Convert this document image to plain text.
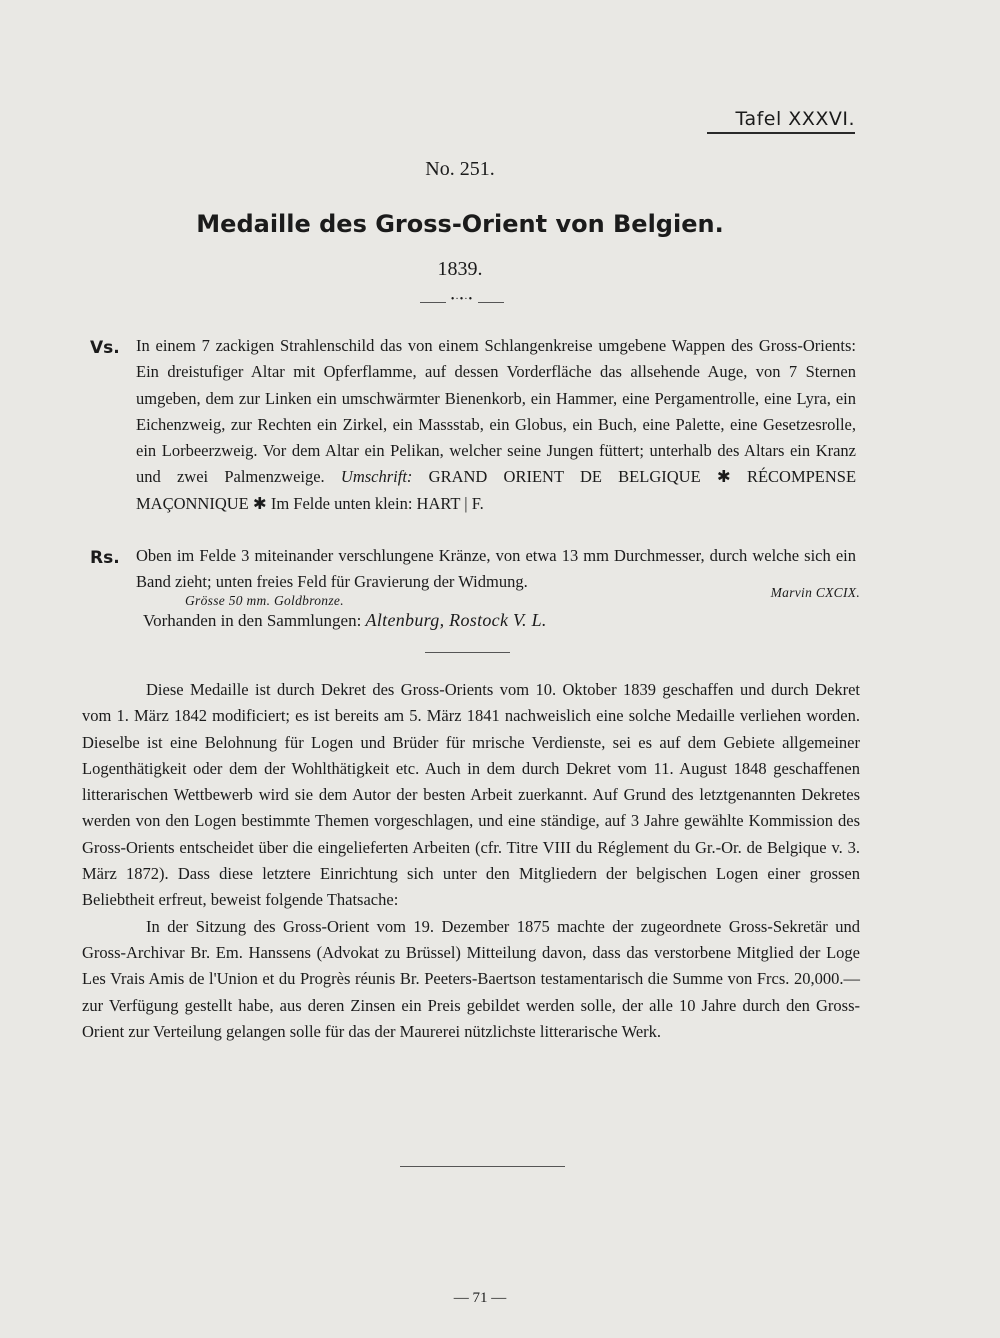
Tafel XXXVI.
No. 251.
Medaille des Gross-Orient von Belgien.
1839.
•·•·•
Vs. In einem 7 zackigen Strahlenschild das von einem Schlangenkreise umgebene Wappen des Gross-Orients: Ein dreistufiger Altar mit Opferflamme, auf dessen Vorderfläche das allsehende Auge, von 7 Sternen umgeben, dem zur Linken ein umschwärmter Bienenkorb, ein Hammer, eine Pergamentrolle, eine Lyra, ein Eichenzweig, zur Rechten ein Zirkel, ein Massstab, ein Globus, ein Buch, eine Palette, eine Gesetzesrolle, ein Lorbeerzweig. Vor dem Altar ein Pelikan, welcher seine Jungen füttert; unterhalb des Altars ein Kranz und zwei Palmenzweige. Umschrift: GRAND ORIENT DE BELGIQUE ✱ RÉCOMPENSE MAÇONNIQUE ✱ Im Felde unten klein: HART | F.

Rs. Oben im Felde 3 miteinander verschlungene Kränze, von etwa 13 mm Durchmesser, durch welche sich ein Band zieht; unten freies Feld für Gravierung der Widmung.

Grösse 50 mm. Goldbronze.
Marvin CXCIX.
Vorhanden in den Sammlungen: Altenburg, Rostock V. L.

Diese Medaille ist durch Dekret des Gross-Orients vom 10. Oktober 1839 geschaffen und durch Dekret vom 1. März 1842 modificiert; es ist bereits am 5. März 1841 nachweislich eine solche Medaille verliehen worden. Dieselbe ist eine Belohnung für Logen und Brüder für mrische Verdienste, sei es auf dem Gebiete allgemeiner Logenthätigkeit oder dem der Wohlthätigkeit etc. Auch in dem durch Dekret vom 11. August 1848 geschaffenen litterarischen Wettbewerb wird sie dem Autor der besten Arbeit zuerkannt. Auf Grund des letztgenannten Dekretes werden von den Logen bestimmte Themen vorgeschlagen, und eine ständige, auf 3 Jahre gewählte Kommission des Gross-Orients entscheidet über die eingelieferten Arbeiten (cfr. Titre VIII du Réglement du Gr.-Or. de Belgique v. 3. März 1872). Dass diese letztere Einrichtung sich unter den Mitgliedern der belgischen Logen einer grossen Beliebtheit erfreut, beweist folgende Thatsache:

In der Sitzung des Gross-Orient vom 19. Dezember 1875 machte der zugeordnete Gross-Sekretär und Gross-Archivar Br. Em. Hanssens (Advokat zu Brüssel) Mitteilung davon, dass das verstorbene Mitglied der Loge Les Vrais Amis de l'Union et du Progrès réunis Br. Peeters-Baertson testamentarisch die Summe von Frcs. 20,000.— zur Verfügung gestellt habe, aus deren Zinsen ein Preis gebildet werden solle, der alle 10 Jahre durch den Gross-Orient zur Verteilung gelangen solle für das der Maurerei nützlichste litterarische Werk.

— 71 —
